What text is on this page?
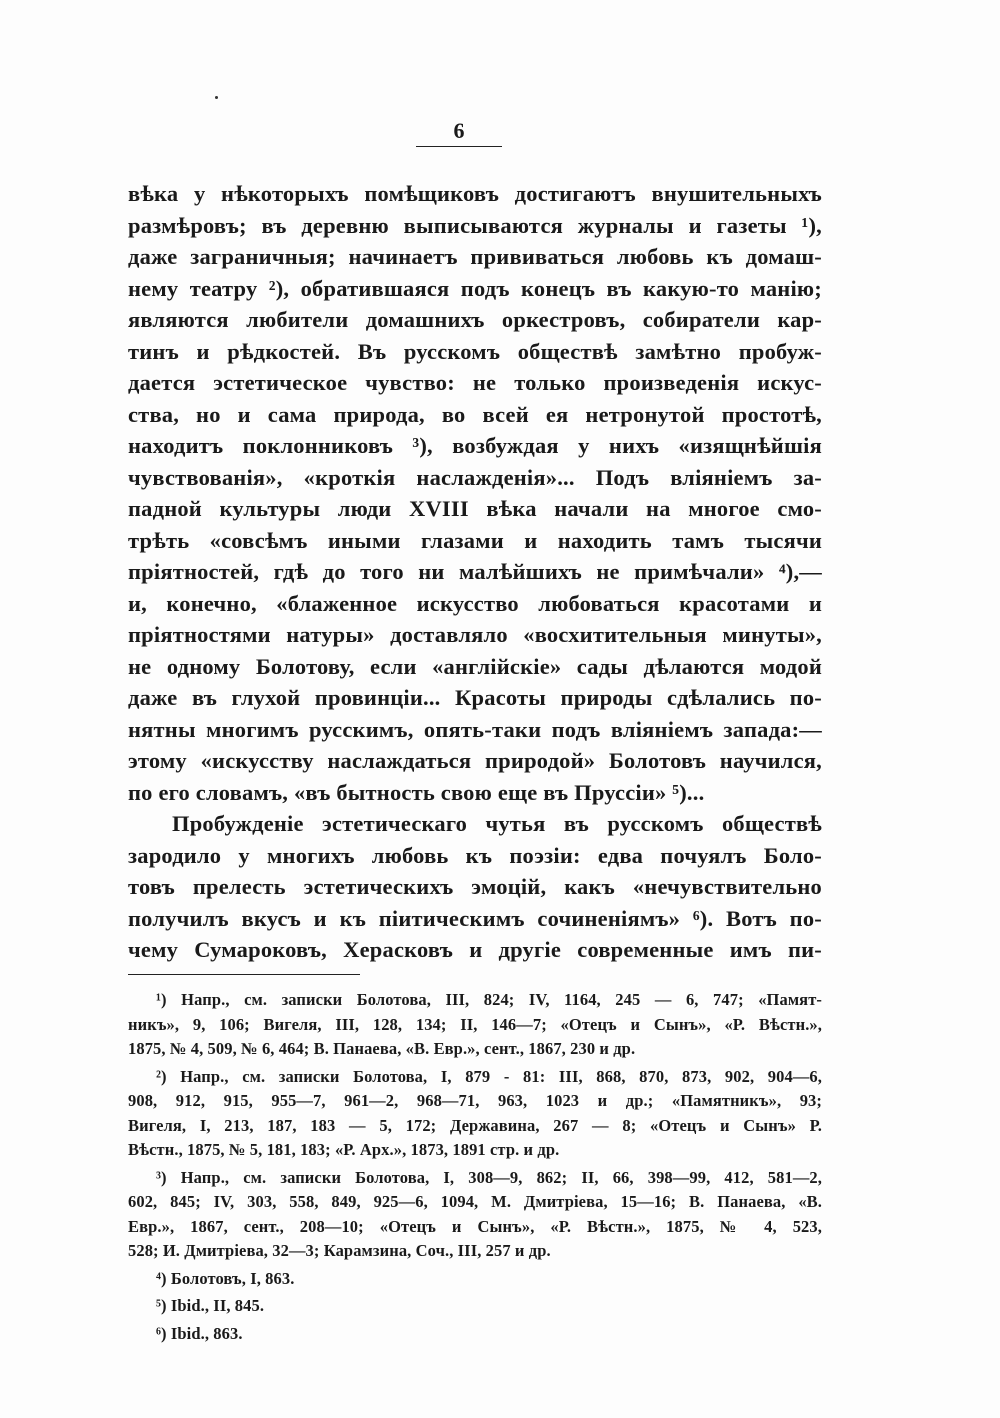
6
вѣка у нѣкоторыхъ помѣщиковъ достигаютъ внушительныхъ
размѣровъ; въ деревню выписываются журналы и газеты ¹),
даже заграничныя; начинаетъ прививаться любовь къ домаш-
нему театру ²), обратившаяся подъ конецъ въ какую-то манію;
являются любители домашнихъ оркестровъ, собиратели кар-
тинъ и рѣдкостей. Въ русскомъ обществѣ замѣтно пробуж-
дается эстетическое чувство: не только произведенія искус-
ства, но и сама природа, во всей ея нетронутой простотѣ,
находитъ поклонниковъ ³), возбуждая у нихъ «изящнѣйшія
чувствованія», «кроткія наслажденія»... Подъ вліяніемъ за-
падной культуры люди XVIII вѣка начали на многое смо-
трѣть «совсѣмъ иными глазами и находить тамъ тысячи
пріятностей, гдѣ до того ни малѣйшихъ не примѣчали» ⁴),—
и, конечно, «блаженное искусство любоваться красотами и
пріятностями натуры» доставляло «восхитительныя минуты»,
не одному Болотову, если «англійскіе» сады дѣлаются модой
даже въ глухой провинціи... Красоты природы сдѣлались по-
нятны многимъ русскимъ, опять-таки подъ вліяніемъ запада:—
этому «искусству наслаждаться природой» Болотовъ научился,
по его словамъ, «въ бытность свою еще въ Пруссіи» ⁵)...
Пробужденіе эстетическаго чутья въ русскомъ обществѣ
зародило у многихъ любовь къ поэзіи: едва почуялъ Боло-
товъ прелесть эстетическихъ эмоцій, какъ «нечувствительно
получилъ вкусъ и къ піитическимъ сочиненіямъ» ⁶). Вотъ по-
чему Сумароковъ, Херасковъ и другіе современные имъ пи-
¹) Напр., см. записки Болотова, III, 824; IV, 1164, 245 — 6, 747; «Памят-
никъ», 9, 106; Вигеля, III, 128, 134; II, 146—7; «Отецъ и Сынъ», «Р. Вѣстн.»,
1875, № 4, 509, № 6, 464; В. Панаева, «В. Евр.», сент., 1867, 230 и др.
²) Напр., см. записки Болотова, I, 879 - 81: III, 868, 870, 873, 902, 904—6,
908, 912, 915, 955—7, 961—2, 968—71, 963, 1023 и др.; «Памятникъ», 93;
Вигеля, I, 213, 187, 183 — 5, 172; Державина, 267 — 8; «Отецъ и Сынъ» Р.
Вѣстн., 1875, № 5, 181, 183; «Р. Арх.», 1873, 1891 стр. и др.
³) Напр., см. записки Болотова, I, 308—9, 862; II, 66, 398—99, 412, 581—2,
602, 845; IV, 303, 558, 849, 925—6, 1094, М. Дмитріева, 15—16; В. Панаева, «В.
Евр.», 1867, сент., 208—10; «Отецъ и Сынъ», «Р. Вѣстн.», 1875, № 4, 523,
528; И. Дмитріева, 32—3; Карамзина, Соч., III, 257 и др.
⁴) Болотовъ, I, 863.
⁵) Ibid., II, 845.
⁶) Ibid., 863.
